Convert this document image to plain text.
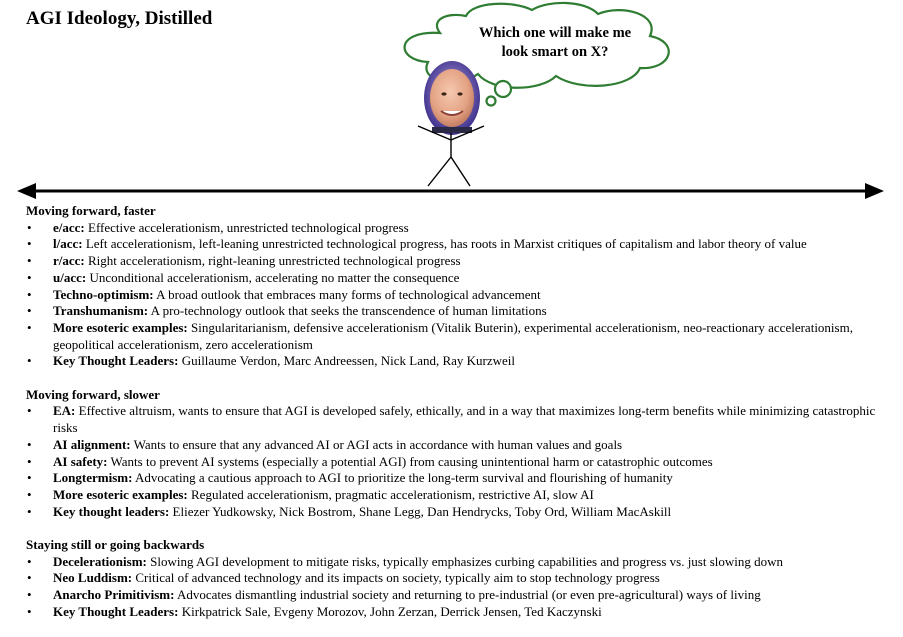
AGI Ideology, Distilled
Which one will make me
look smart on X?
Moving forward, faster
• e/acc: Effective accelerationism, unrestricted technological progress
• l/acc: Left accelerationism, left-leaning unrestricted technological progress, has roots in Marxist critiques of capitalism and labor theory of value
• r/acc: Right accelerationism, right-leaning unrestricted technological progress
• u/acc: Unconditional accelerationism, accelerating no matter the consequence
• Techno-optimism: A broad outlook that embraces many forms of technological advancement
• Transhumanism: A pro-technology outlook that seeks the transcendence of human limitations
• More esoteric examples: Singularitarianism, defensive accelerationism (Vitalik Buterin), experimental accelerationism, neo-reactionary accelerationism, geopolitical accelerationism, zero accelerationism
• Key Thought Leaders: Guillaume Verdon, Marc Andreessen, Nick Land, Ray Kurzweil
Moving forward, slower
• EA: Effective altruism, wants to ensure that AGI is developed safely, ethically, and in a way that maximizes long-term benefits while minimizing catastrophic risks
• AI alignment: Wants to ensure that any advanced AI or AGI acts in accordance with human values and goals
• AI safety: Wants to prevent AI systems (especially a potential AGI) from causing unintentional harm or catastrophic outcomes
• Longtermism: Advocating a cautious approach to AGI to prioritize the long-term survival and flourishing of humanity
• More esoteric examples: Regulated accelerationism, pragmatic accelerationism, restrictive AI, slow AI
• Key thought leaders: Eliezer Yudkowsky, Nick Bostrom, Shane Legg, Dan Hendrycks, Toby Ord, William MacAskill
Staying still or going backwards
• Decelerationism: Slowing AGI development to mitigate risks, typically emphasizes curbing capabilities and progress vs. just slowing down
• Neo Luddism: Critical of advanced technology and its impacts on society, typically aim to stop technology progress
• Anarcho Primitivism: Advocates dismantling industrial society and returning to pre-industrial (or even pre-agricultural) ways of living
• Key Thought Leaders: Kirkpatrick Sale, Evgeny Morozov, John Zerzan, Derrick Jensen, Ted Kaczynski
